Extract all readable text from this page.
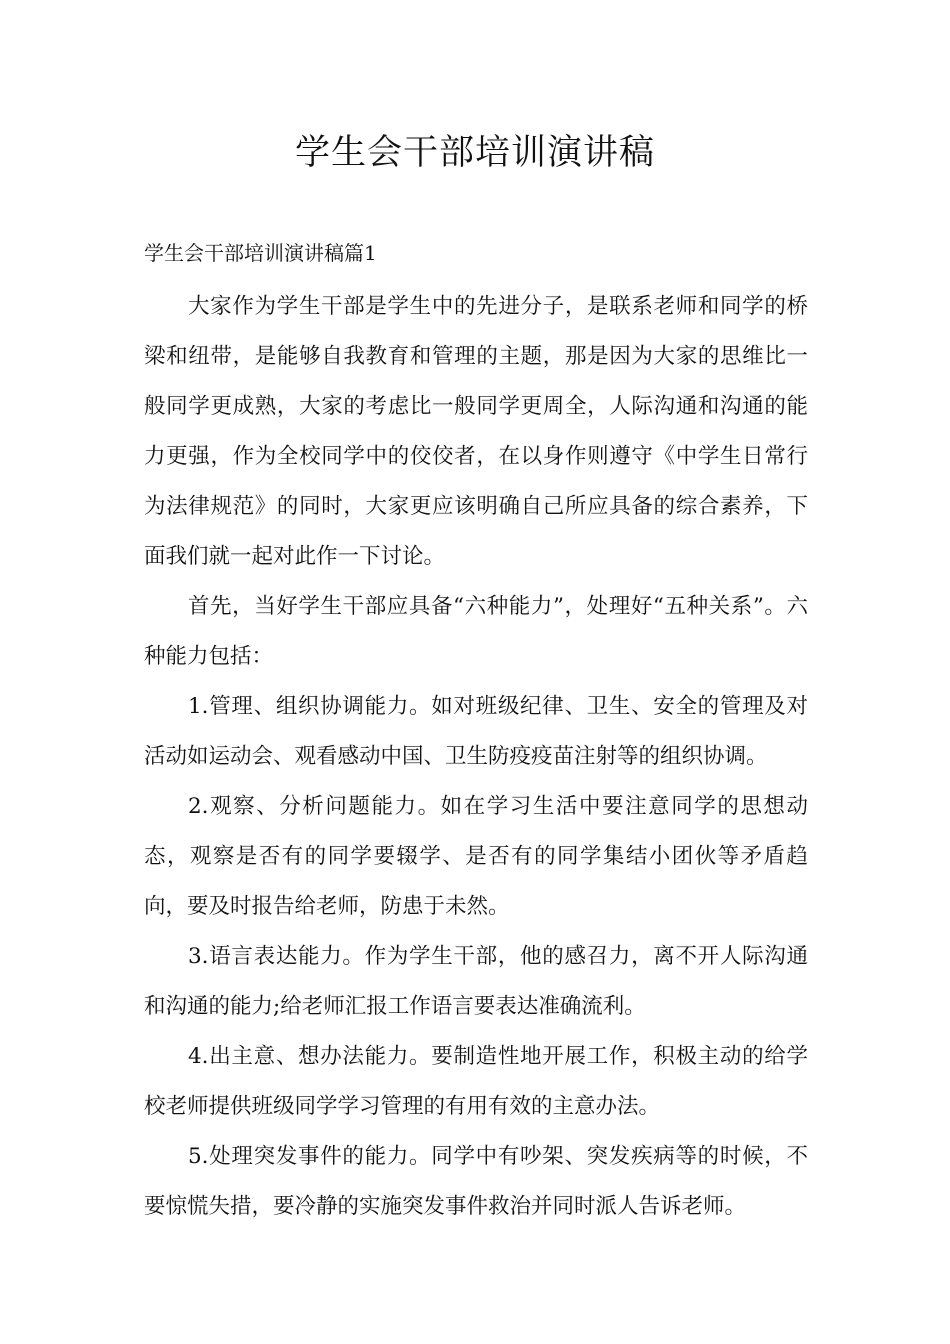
学生会干部培训演讲稿
学生会干部培训演讲稿篇1

大家作为学生干部是学生中的先进分子，是联系老师和同学的桥梁和纽带，是能够自我教育和管理的主题，那是因为大家的思维比一般同学更成熟，大家的考虑比一般同学更周全，人际沟通和沟通的能力更强，作为全校同学中的佼佼者，在以身作则遵守《中学生日常行为法律规范》的同时，大家更应该明确自己所应具备的综合素养，下面我们就一起对此作一下讨论。

首先，当好学生干部应具备“六种能力”，处理好“五种关系”。六种能力包括：

1.管理、组织协调能力。如对班级纪律、卫生、安全的管理及对活动如运动会、观看感动中国、卫生防疫疫苗注射等的组织协调。

2.观察、分析问题能力。如在学习生活中要注意同学的思想动态，观察是否有的同学要辍学、是否有的同学集结小团伙等矛盾趋向，要及时报告给老师，防患于未然。

3.语言表达能力。作为学生干部，他的感召力，离不开人际沟通和沟通的能力;给老师汇报工作语言要表达准确流利。

4.出主意、想办法能力。要制造性地开展工作，积极主动的给学校老师提供班级同学学习管理的有用有效的主意办法。

5.处理突发事件的能力。同学中有吵架、突发疾病等的时候，不要惊慌失措，要冷静的实施突发事件救治并同时派人告诉老师。
